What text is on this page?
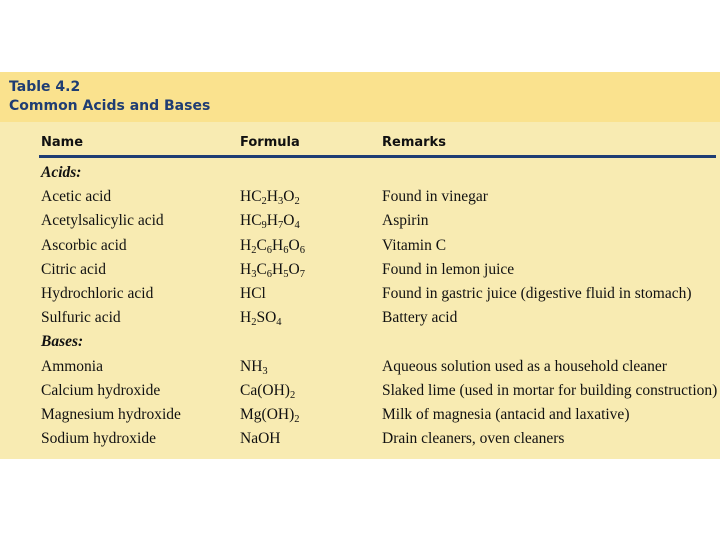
Table 4.2
Common Acids and Bases
Name	Formula	Remarks
Acids:
Acetic acid	$HC_2H_3O_2$	Found in vinegar
Acetylsalicylic acid	$HC_9H_7O_4$	Aspirin
Ascorbic acid	$H_2C_6H_6O_6$	Vitamin C
Citric acid	$H_3C_6H_5O_7$	Found in lemon juice
Hydrochloric acid	HCl	Found in gastric juice (digestive fluid in stomach)
Sulfuric acid	$H_2SO_4$	Battery acid
Bases:
Ammonia	$NH_3$	Aqueous solution used as a household cleaner
Calcium hydroxide	$Ca(OH)_2$	Slaked lime (used in mortar for building construction)
Magnesium hydroxide	$Mg(OH)_2$	Milk of magnesia (antacid and laxative)
Sodium hydroxide	NaOH	Drain cleaners, oven cleaners
